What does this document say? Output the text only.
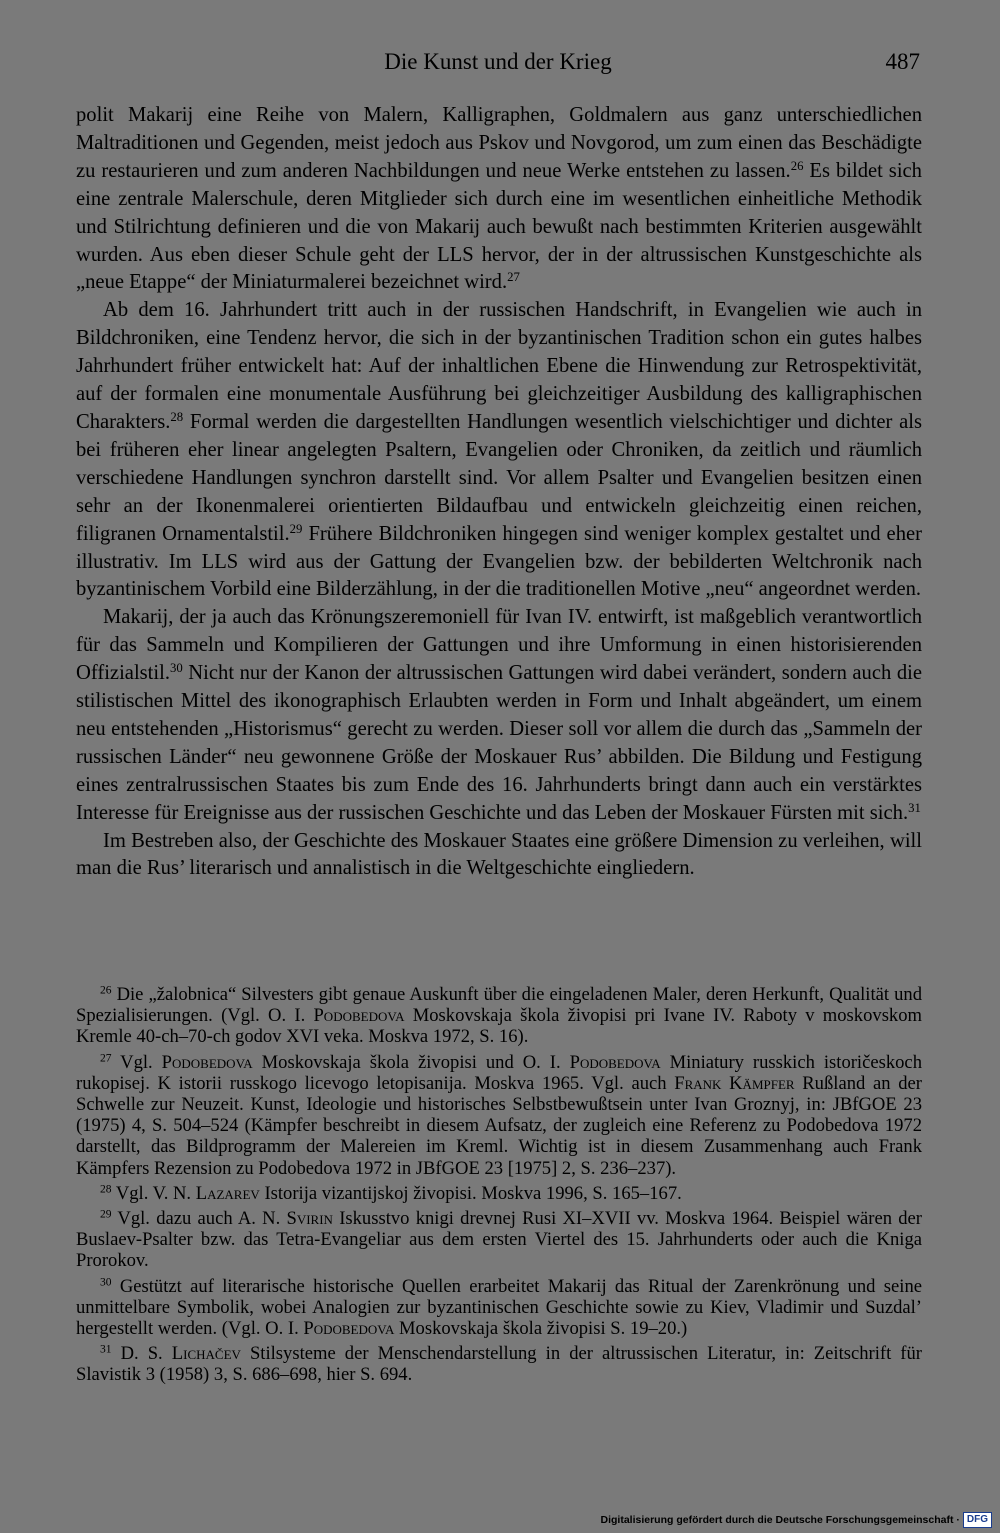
Die Kunst und der Krieg	487

polit Makarij eine Reihe von Malern, Kalligraphen, Goldmalern aus ganz unterschiedlichen Maltraditionen und Gegenden, meist jedoch aus Pskov und Novgorod, um zum einen das Beschädigte zu restaurieren und zum anderen Nachbildungen und neue Werke entstehen zu lassen.$^{26}$ Es bildet sich eine zentrale Malerschule, deren Mitglieder sich durch eine im wesentlichen einheitliche Methodik und Stilrichtung definieren und die von Makarij auch bewußt nach bestimmten Kriterien ausgewählt wurden. Aus eben dieser Schule geht der LLS hervor, der in der altrussischen Kunstgeschichte als „neue Etappe“ der Miniaturmalerei bezeichnet wird.$^{27}$

Ab dem 16. Jahrhundert tritt auch in der russischen Handschrift, in Evangelien wie auch in Bildchroniken, eine Tendenz hervor, die sich in der byzantinischen Tradition schon ein gutes halbes Jahrhundert früher entwickelt hat: Auf der inhaltlichen Ebene die Hinwendung zur Retrospektivität, auf der formalen eine monumentale Ausführung bei gleichzeitiger Ausbildung des kalligraphischen Charakters.$^{28}$ Formal werden die dargestellten Handlungen wesentlich vielschichtiger und dichter als bei früheren eher linear angelegten Psaltern, Evangelien oder Chroniken, da zeitlich und räumlich verschiedene Handlungen synchron darstellt sind. Vor allem Psalter und Evangelien besitzen einen sehr an der Ikonenmalerei orientierten Bildaufbau und entwickeln gleichzeitig einen reichen, filigranen Ornamentalstil.$^{29}$ Frühere Bildchroniken hingegen sind weniger komplex gestaltet und eher illustrativ. Im LLS wird aus der Gattung der Evangelien bzw. der bebilderten Weltchronik nach byzantinischem Vorbild eine Bilderzählung, in der die traditionellen Motive „neu“ angeordnet werden.

Makarij, der ja auch das Krönungszeremoniell für Ivan IV. entwirft, ist maßgeblich verantwortlich für das Sammeln und Kompilieren der Gattungen und ihre Umformung in einen historisierenden Offizialstil.$^{30}$ Nicht nur der Kanon der altrussischen Gattungen wird dabei verändert, sondern auch die stilistischen Mittel des ikonographisch Erlaubten werden in Form und Inhalt abgeändert, um einem neu entstehenden „Historismus“ gerecht zu werden. Dieser soll vor allem die durch das „Sammeln der russischen Länder“ neu gewonnene Größe der Moskauer Rus’ abbilden. Die Bildung und Festigung eines zentralrussischen Staates bis zum Ende des 16. Jahrhunderts bringt dann auch ein verstärktes Interesse für Ereignisse aus der russischen Geschichte und das Leben der Moskauer Fürsten mit sich.$^{31}$

Im Bestreben also, der Geschichte des Moskauer Staates eine größere Dimension zu verleihen, will man die Rus’ literarisch und annalistisch in die Weltgeschichte eingliedern.

$^{26}$ Die „žalobnica“ Silvesters gibt genaue Auskunft über die eingeladenen Maler, deren Herkunft, Qualität und Spezialisierungen. (Vgl. O. I. Podobedova Moskovskaja škola živopisi pri Ivane IV. Raboty v moskovskom Kremle 40-ch–70-ch godov XVI veka. Moskva 1972, S. 16).

$^{27}$ Vgl. Podobedova Moskovskaja škola živopisi und O. I. Podobedova Miniatury russkich istoričeskoch rukopisej. K istorii russkogo licevogo letopisanija. Moskva 1965. Vgl. auch Frank Kämpfer Rußland an der Schwelle zur Neuzeit. Kunst, Ideologie und historisches Selbstbewußtsein unter Ivan Groznyj, in: JBfGOE 23 (1975) 4, S. 504–524 (Kämpfer beschreibt in diesem Aufsatz, der zugleich eine Referenz zu Podobedova 1972 darstellt, das Bildprogramm der Malereien im Kreml. Wichtig ist in diesem Zusammenhang auch Frank Kämpfers Rezension zu Podobedova 1972 in JBfGOE 23 [1975] 2, S. 236–237).

$^{28}$ Vgl. V. N. Lazarev Istorija vizantijskoj živopisi. Moskva 1996, S. 165–167.

$^{29}$ Vgl. dazu auch A. N. Svirin Iskusstvo knigi drevnej Rusi XI–XVII vv. Moskva 1964. Beispiel wären der Buslaev-Psalter bzw. das Tetra-Evangeliar aus dem ersten Viertel des 15. Jahrhunderts oder auch die Kniga Prorokov.

$^{30}$ Gestützt auf literarische historische Quellen erarbeitet Makarij das Ritual der Zarenkrönung und seine unmittelbare Symbolik, wobei Analogien zur byzantinischen Geschichte sowie zu Kiev, Vladimir und Suzdal’ hergestellt werden. (Vgl. O. I. Podobedova Moskovskaja škola živopisi S. 19–20.)

$^{31}$ D. S. Lichačev Stilsysteme der Menschendarstellung in der altrussischen Literatur, in: Zeitschrift für Slavistik 3 (1958) 3, S. 686–698, hier S. 694.

Digitalisierung gefördert durch die Deutsche Forschungsgemeinschaft · DFG
